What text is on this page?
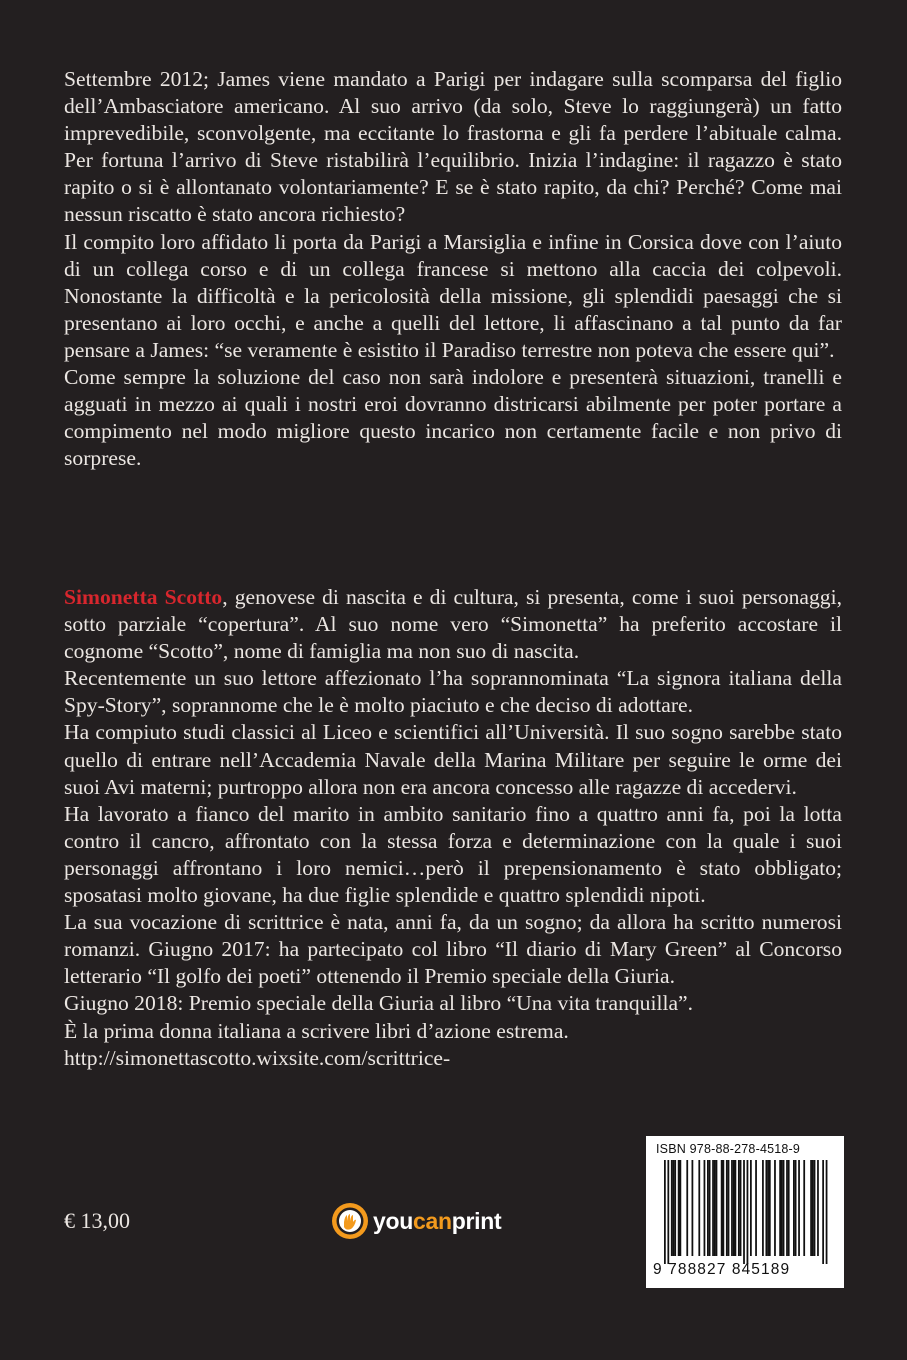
Settembre 2012; James viene mandato a Parigi per indagare sulla scomparsa del figlio dell’Ambasciatore americano. Al suo arrivo (da solo, Steve lo raggiungerà) un fatto imprevedibile, sconvolgente, ma eccitante lo frastorna e gli fa perdere l’abituale calma. Per fortuna l’arrivo di Steve ristabilirà l’equilibrio. Inizia l’indagine: il ragazzo è stato rapito o si è allontanato volontariamente? E se è stato rapito, da chi? Perché? Come mai nessun riscatto è stato ancora richiesto?

Il compito loro affidato li porta da Parigi a Marsiglia e infine in Corsica dove con l’aiuto di un collega corso e di un collega francese si mettono alla caccia dei colpevoli. Nonostante la difficoltà e la pericolosità della missione, gli splendidi paesaggi che si presentano ai loro occhi, e anche a quelli del lettore, li affascinano a tal punto da far pensare a James: “se veramente è esistito il Paradiso terrestre non poteva che essere qui”.

Come sempre la soluzione del caso non sarà indolore e presenterà situazioni, tranelli e agguati in mezzo ai quali i nostri eroi dovranno districarsi abilmente per poter portare a compimento nel modo migliore questo incarico non certamente facile e non privo di sorprese.

Simonetta Scotto, genovese di nascita e di cultura, si presenta, come i suoi personaggi, sotto parziale “copertura”. Al suo nome vero “Simonetta” ha preferito accostare il cognome “Scotto”, nome di famiglia ma non suo di nascita.

Recentemente un suo lettore affezionato l’ha soprannominata “La signora italiana della Spy-Story”, soprannome che le è molto piaciuto e che deciso di adottare.

Ha compiuto studi classici al Liceo e scientifici all’Università. Il suo sogno sarebbe stato quello di entrare nell’Accademia Navale della Marina Militare per seguire le orme dei suoi Avi materni; purtroppo allora non era ancora concesso alle ragazze di accedervi.

Ha lavorato a fianco del marito in ambito sanitario fino a quattro anni fa, poi la lotta contro il cancro, affrontato con la stessa forza e determinazione con la quale i suoi personaggi affrontano i loro nemici…però il prepensionamento è stato obbligato; sposatasi molto giovane, ha due figlie splendide e quattro splendidi nipoti.

La sua vocazione di scrittrice è nata, anni fa, da un sogno; da allora ha scritto numerosi romanzi. Giugno 2017: ha partecipato col libro “Il diario di Mary Green” al Concorso letterario “Il golfo dei poeti” ottenendo il Premio speciale della Giuria.

Giugno 2018: Premio speciale della Giuria al libro “Una vita tranquilla”.

È la prima donna italiana a scrivere libri d’azione estrema.

http://simonettascotto.wixsite.com/scrittrice-

€ 13,00	youcanprint
ISBN 978-88-278-4518-9
9 788827 845189
